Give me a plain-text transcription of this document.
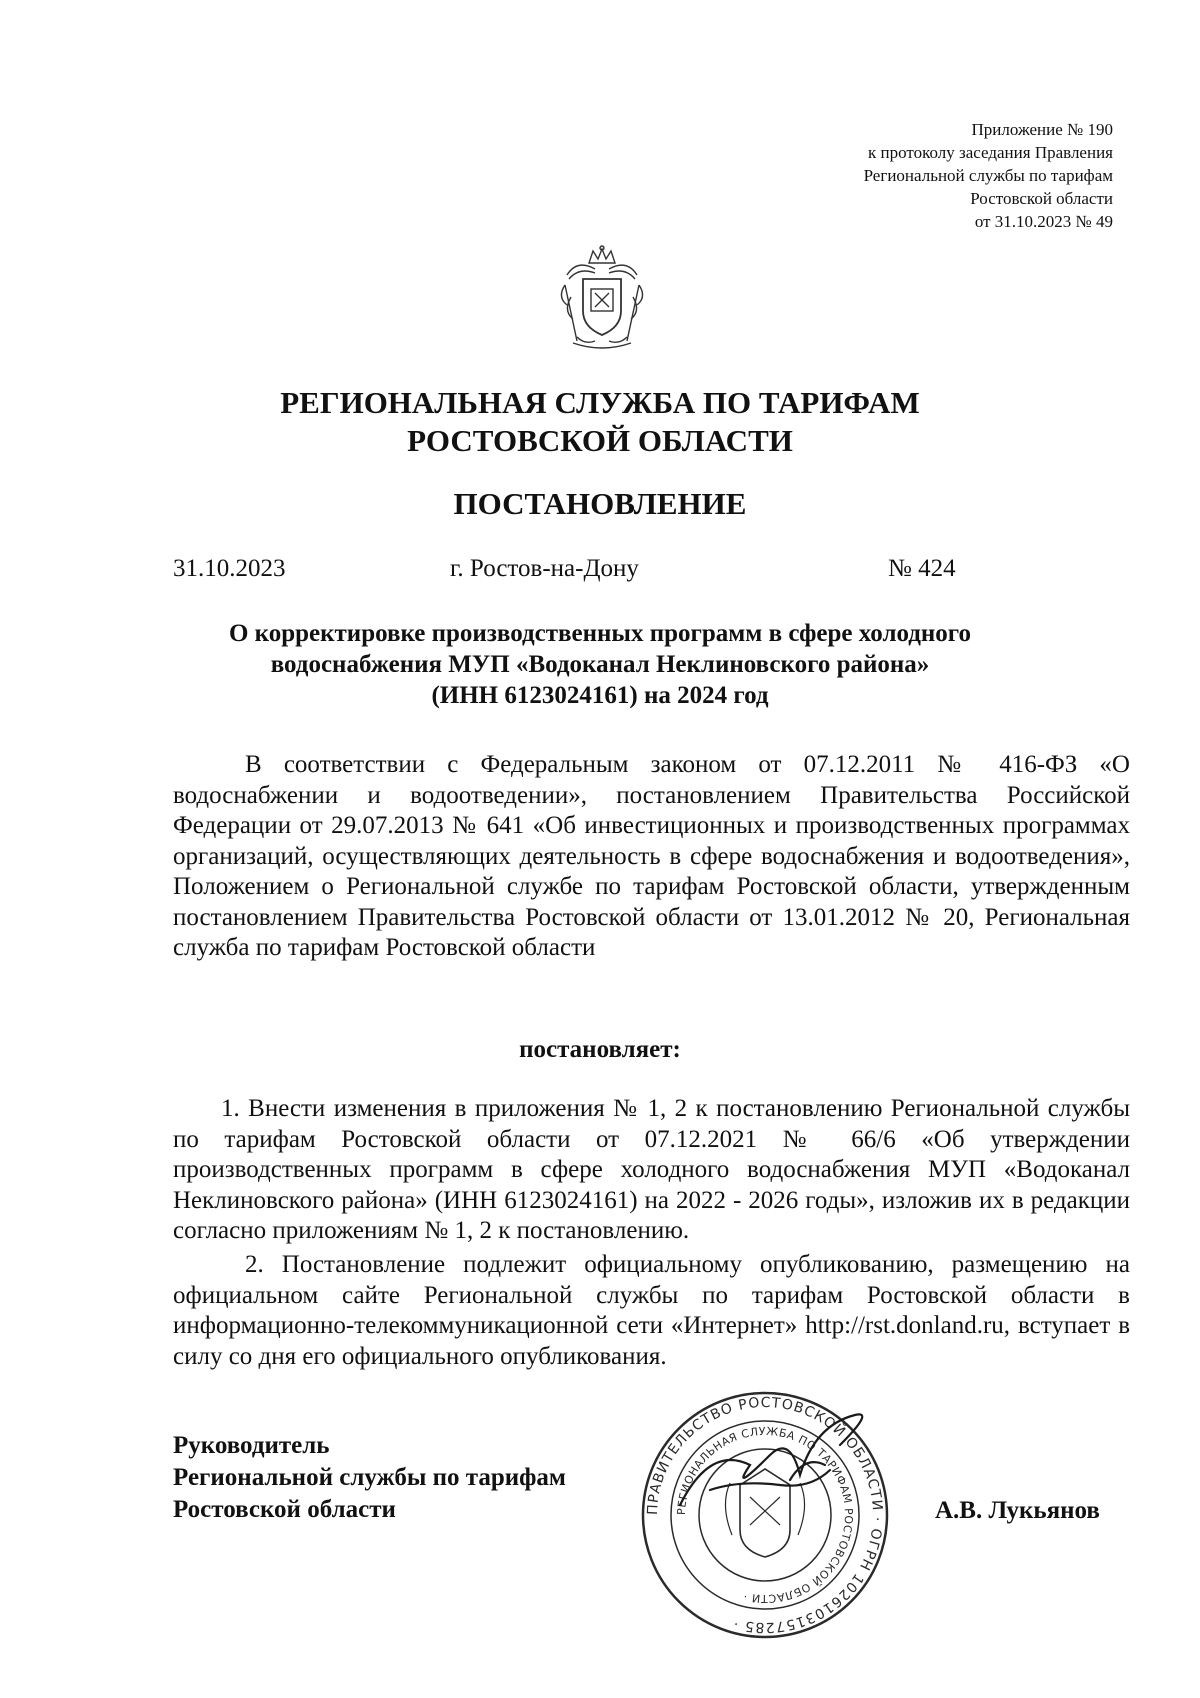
Приложение № 190
к протоколу заседания Правления
Региональной службы по тарифам
Ростовской области
от 31.10.2023 № 49
РЕГИОНАЛЬНАЯ СЛУЖБА ПО ТАРИФАМ
РОСТОВСКОЙ ОБЛАСТИ
ПОСТАНОВЛЕНИЕ
31.10.2023	г. Ростов-на-Дону	№ 424
О корректировке производственных программ в сфере холодного
водоснабжения МУП «Водоканал Неклиновского района»
(ИНН 6123024161) на 2024 год
В соответствии с Федеральным законом от 07.12.2011 № 416-ФЗ «О водоснабжении и водоотведении», постановлением Правительства Российской Федерации от 29.07.2013 № 641 «Об инвестиционных и производственных программах организаций, осуществляющих деятельность в сфере водоснабжения и водоотведения», Положением о Региональной службе по тарифам Ростовской области, утвержденным постановлением Правительства Ростовской области от 13.01.2012 № 20, Региональная служба по тарифам Ростовской области
постановляет:
1. Внести изменения в приложения № 1, 2 к постановлению Региональной службы по тарифам Ростовской области от 07.12.2021 № 66/6 «Об утверждении производственных программ в сфере холодного водоснабжения МУП «Водоканал Неклиновского района» (ИНН 6123024161) на 2022 - 2026 годы», изложив их в редакции согласно приложениям № 1, 2 к постановлению.
2. Постановление подлежит официальному опубликованию, размещению на официальном сайте Региональной службы по тарифам Ростовской области в информационно-телекоммуникационной сети «Интернет» http://rst.donland.ru, вступает в силу со дня его официального опубликования.
Руководитель
Региональной службы по тарифам
Ростовской области	ПРАВИТЕЛЬСТВО РОСТОВСКОЙ ОБЛАСТИ · ОГРН 1026103157285 ·
РЕГИОНАЛЬНАЯ СЛУЖБА ПО ТАРИФАМ РОСТОВСКОЙ ОБЛАСТИ ·
А.В. Лукьянов
